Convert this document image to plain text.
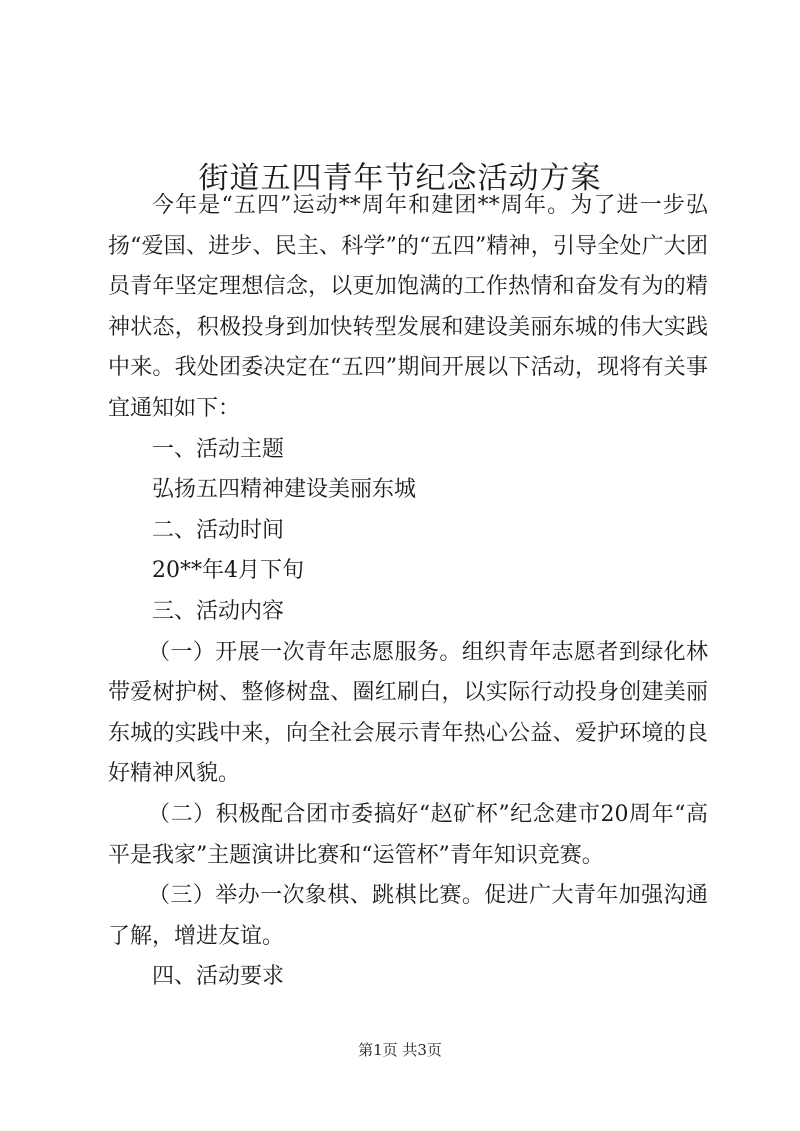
街道五四青年节纪念活动方案

今年是“五四”运动**周年和建团**周年。为了进一步弘扬“爱国、进步、民主、科学”的“五四”精神，引导全处广大团员青年坚定理想信念，以更加饱满的工作热情和奋发有为的精神状态，积极投身到加快转型发展和建设美丽东城的伟大实践中来。我处团委决定在“五四”期间开展以下活动，现将有关事宜通知如下：

一、活动主题

弘扬五四精神建设美丽东城

二、活动时间

20**年4月下旬

三、活动内容

（一）开展一次青年志愿服务。组织青年志愿者到绿化林带爱树护树、整修树盘、圈红刷白，以实际行动投身创建美丽东城的实践中来，向全社会展示青年热心公益、爱护环境的良好精神风貌。

（二）积极配合团市委搞好“赵矿杯”纪念建市20周年“高平是我家”主题演讲比赛和“运管杯”青年知识竞赛。

（三）举办一次象棋、跳棋比赛。促进广大青年加强沟通了解，增进友谊。

四、活动要求

第1页 共3页
